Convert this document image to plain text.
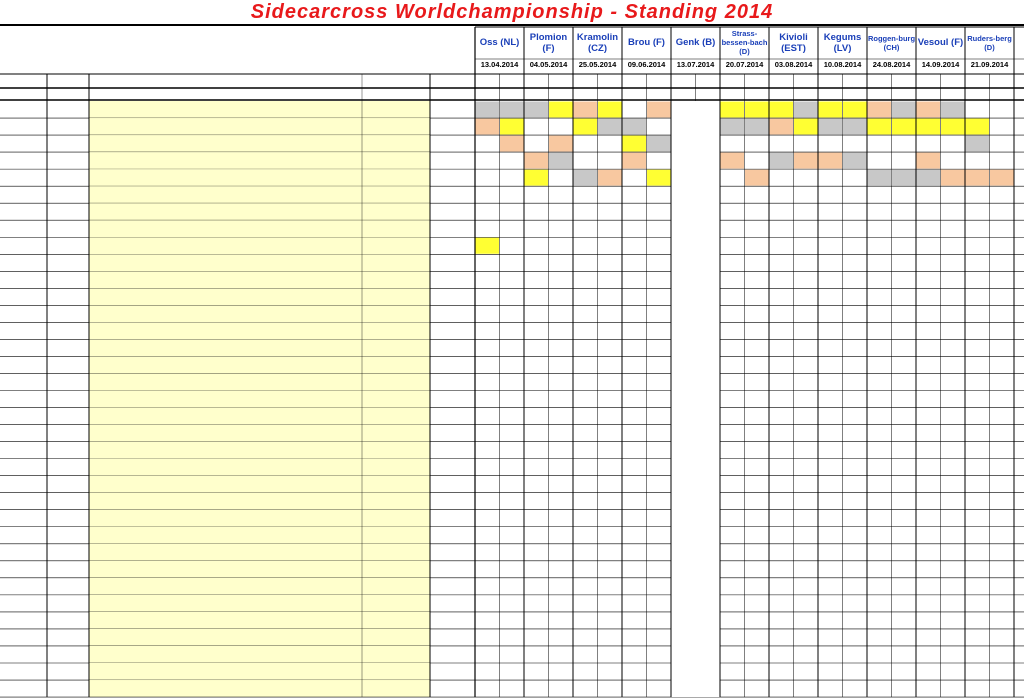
Sidecarcross Worldchampionship - Standing 2014
Oss (NL)
13.04.2014
Plomion (F)
04.05.2014
Kramolin (CZ)
25.05.2014
Brou (F)
09.06.2014
Genk (B)
13.07.2014
Strass-bessen-bach (D)
20.07.2014
Kivioli (EST)
03.08.2014
Kegums (LV)
10.08.2014
Roggen-burg (CH)
24.08.2014
Vesoul (F)
14.09.2014
Ruders-berg (D)
21.09.2014
